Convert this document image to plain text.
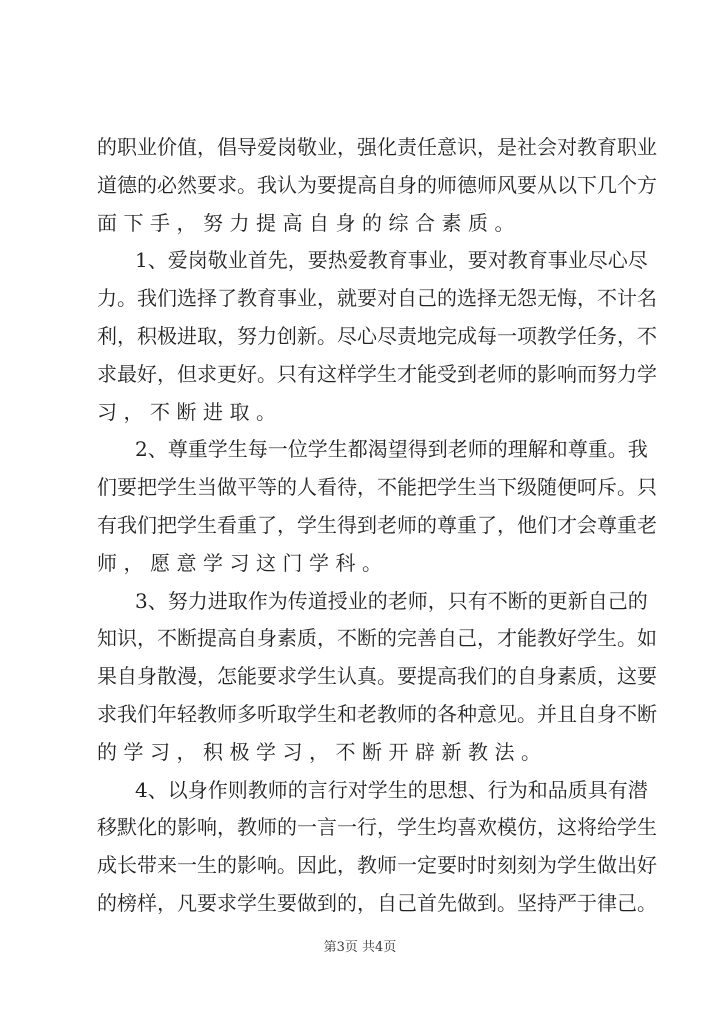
的职业价值，倡导爱岗敬业，强化责任意识，是社会对教育职业
道德的必然要求。我认为要提高自身的师德师风要从以下几个方
面下手，努力提高自身的综合素质。
1、爱岗敬业首先，要热爱教育事业，要对教育事业尽心尽
力。我们选择了教育事业，就要对自己的选择无怨无悔，不计名
利，积极进取，努力创新。尽心尽责地完成每一项教学任务，不
求最好，但求更好。只有这样学生才能受到老师的影响而努力学
习，不断进取。
2、尊重学生每一位学生都渴望得到老师的理解和尊重。我
们要把学生当做平等的人看待，不能把学生当下级随便呵斥。只
有我们把学生看重了，学生得到老师的尊重了，他们才会尊重老
师，愿意学习这门学科。
3、努力进取作为传道授业的老师，只有不断的更新自己的
知识，不断提高自身素质，不断的完善自己，才能教好学生。如
果自身散漫，怎能要求学生认真。要提高我们的自身素质，这要
求我们年轻教师多听取学生和老教师的各种意见。并且自身不断
的学习，积极学习，不断开辟新教法。
4、以身作则教师的言行对学生的思想、行为和品质具有潜
移默化的影响，教师的一言一行，学生均喜欢模仿，这将给学生
成长带来一生的影响。因此，教师一定要时时刻刻为学生做出好
的榜样，凡要求学生要做到的，自己首先做到。坚持严于律己。
第3页 共4页
